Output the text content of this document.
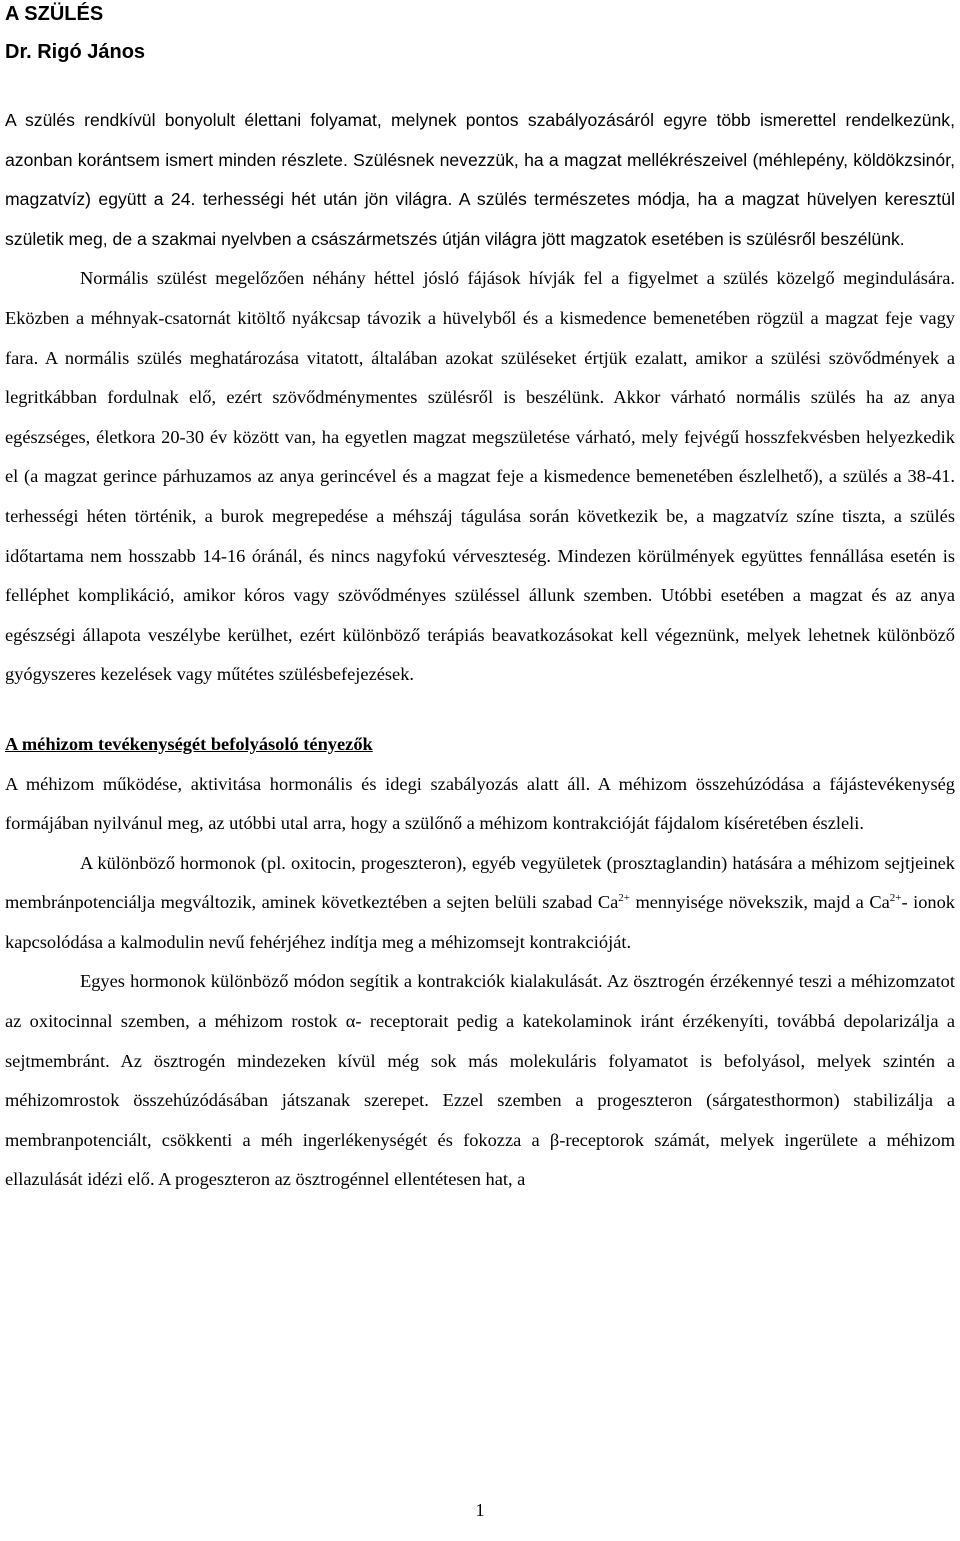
A SZÜLÉS
Dr. Rigó János

A szülés rendkívül bonyolult élettani folyamat, melynek pontos szabályozásáról egyre több ismerettel rendelkezünk, azonban korántsem ismert minden részlete. Szülésnek nevezzük, ha a magzat mellékrészeivel (méhlepény, köldökzsinór, magzatvíz) együtt a 24. terhességi hét után jön világra. A szülés természetes módja, ha a magzat hüvelyen keresztül születik meg, de a szakmai nyelvben a császármetszés útján világra jött magzatok esetében is szülésről beszélünk.

Normális szülést megelőzően néhány héttel jósló fájások hívják fel a figyelmet a szülés közelgő megindulására. Eközben a méhnyak-csatornát kitöltő nyákcsap távozik a hüvelyből és a kismedence bemenetében rögzül a magzat feje vagy fara. A normális szülés meghatározása vitatott, általában azokat szüléseket értjük ezalatt, amikor a szülési szövődmények a legritkábban fordulnak elő, ezért szövődménymentes szülésről is beszélünk. Akkor várható normális szülés ha az anya egészséges, életkora 20-30 év között van, ha egyetlen magzat megszületése várható, mely fejvégű hosszfekvésben helyezkedik el (a magzat gerince párhuzamos az anya gerincével és a magzat feje a kismedence bemenetében észlelhető), a szülés a 38-41. terhességi héten történik, a burok megrepedése a méhszáj tágulása során következik be, a magzatvíz színe tiszta, a szülés időtartama nem hosszabb 14-16 óránál, és nincs nagyfokú vérveszteség. Mindezen körülmények együttes fennállása esetén is felléphet komplikáció, amikor kóros vagy szövődményes szüléssel állunk szemben. Utóbbi esetében a magzat és az anya egészségi állapota veszélybe kerülhet, ezért különböző terápiás beavatkozásokat kell végeznünk, melyek lehetnek különböző gyógyszeres kezelések vagy műtétes szülésbefejezések.

A méhizom tevékenységét befolyásoló tényezők

A méhizom működése, aktivitása hormonális és idegi szabályozás alatt áll. A méhizom összehúzódása a fájástevékenység formájában nyilvánul meg, az utóbbi utal arra, hogy a szülőnő a méhizom kontrakcióját fájdalom kíséretében észleli.

A különböző hormonok (pl. oxitocin, progeszteron), egyéb vegyületek (prosztaglandin) hatására a méhizom sejtjeinek membránpotenciálja megváltozik, aminek következtében a sejten belüli szabad $Ca^{2+}$ mennyisége növekszik, majd a $Ca^{2+}-$ ionok kapcsolódása a kalmodulin nevű fehérjéhez indítja meg a méhizomsejt kontrakcióját.

Egyes hormonok különböző módon segítik a kontrakciók kialakulását. Az ösztrogén érzékennyé teszi a méhizomzatot az oxitocinnal szemben, a méhizom rostok α- receptorait pedig a katekolaminok iránt érzékenyíti, továbbá depolarizálja a sejtmembránt. Az ösztrogén mindezeken kívül még sok más molekuláris folyamatot is befolyásol, melyek szintén a méhizomrostok összehúzódásában játszanak szerepet. Ezzel szemben a progeszteron (sárgatesthormon) stabilizálja a membranpotenciált, csökkenti a méh ingerlékenységét és fokozza a β-receptorok számát, melyek ingerülete a méhizom ellazulását idézi elő. A progeszteron az ösztrogénnel ellentétesen hat, a

1
